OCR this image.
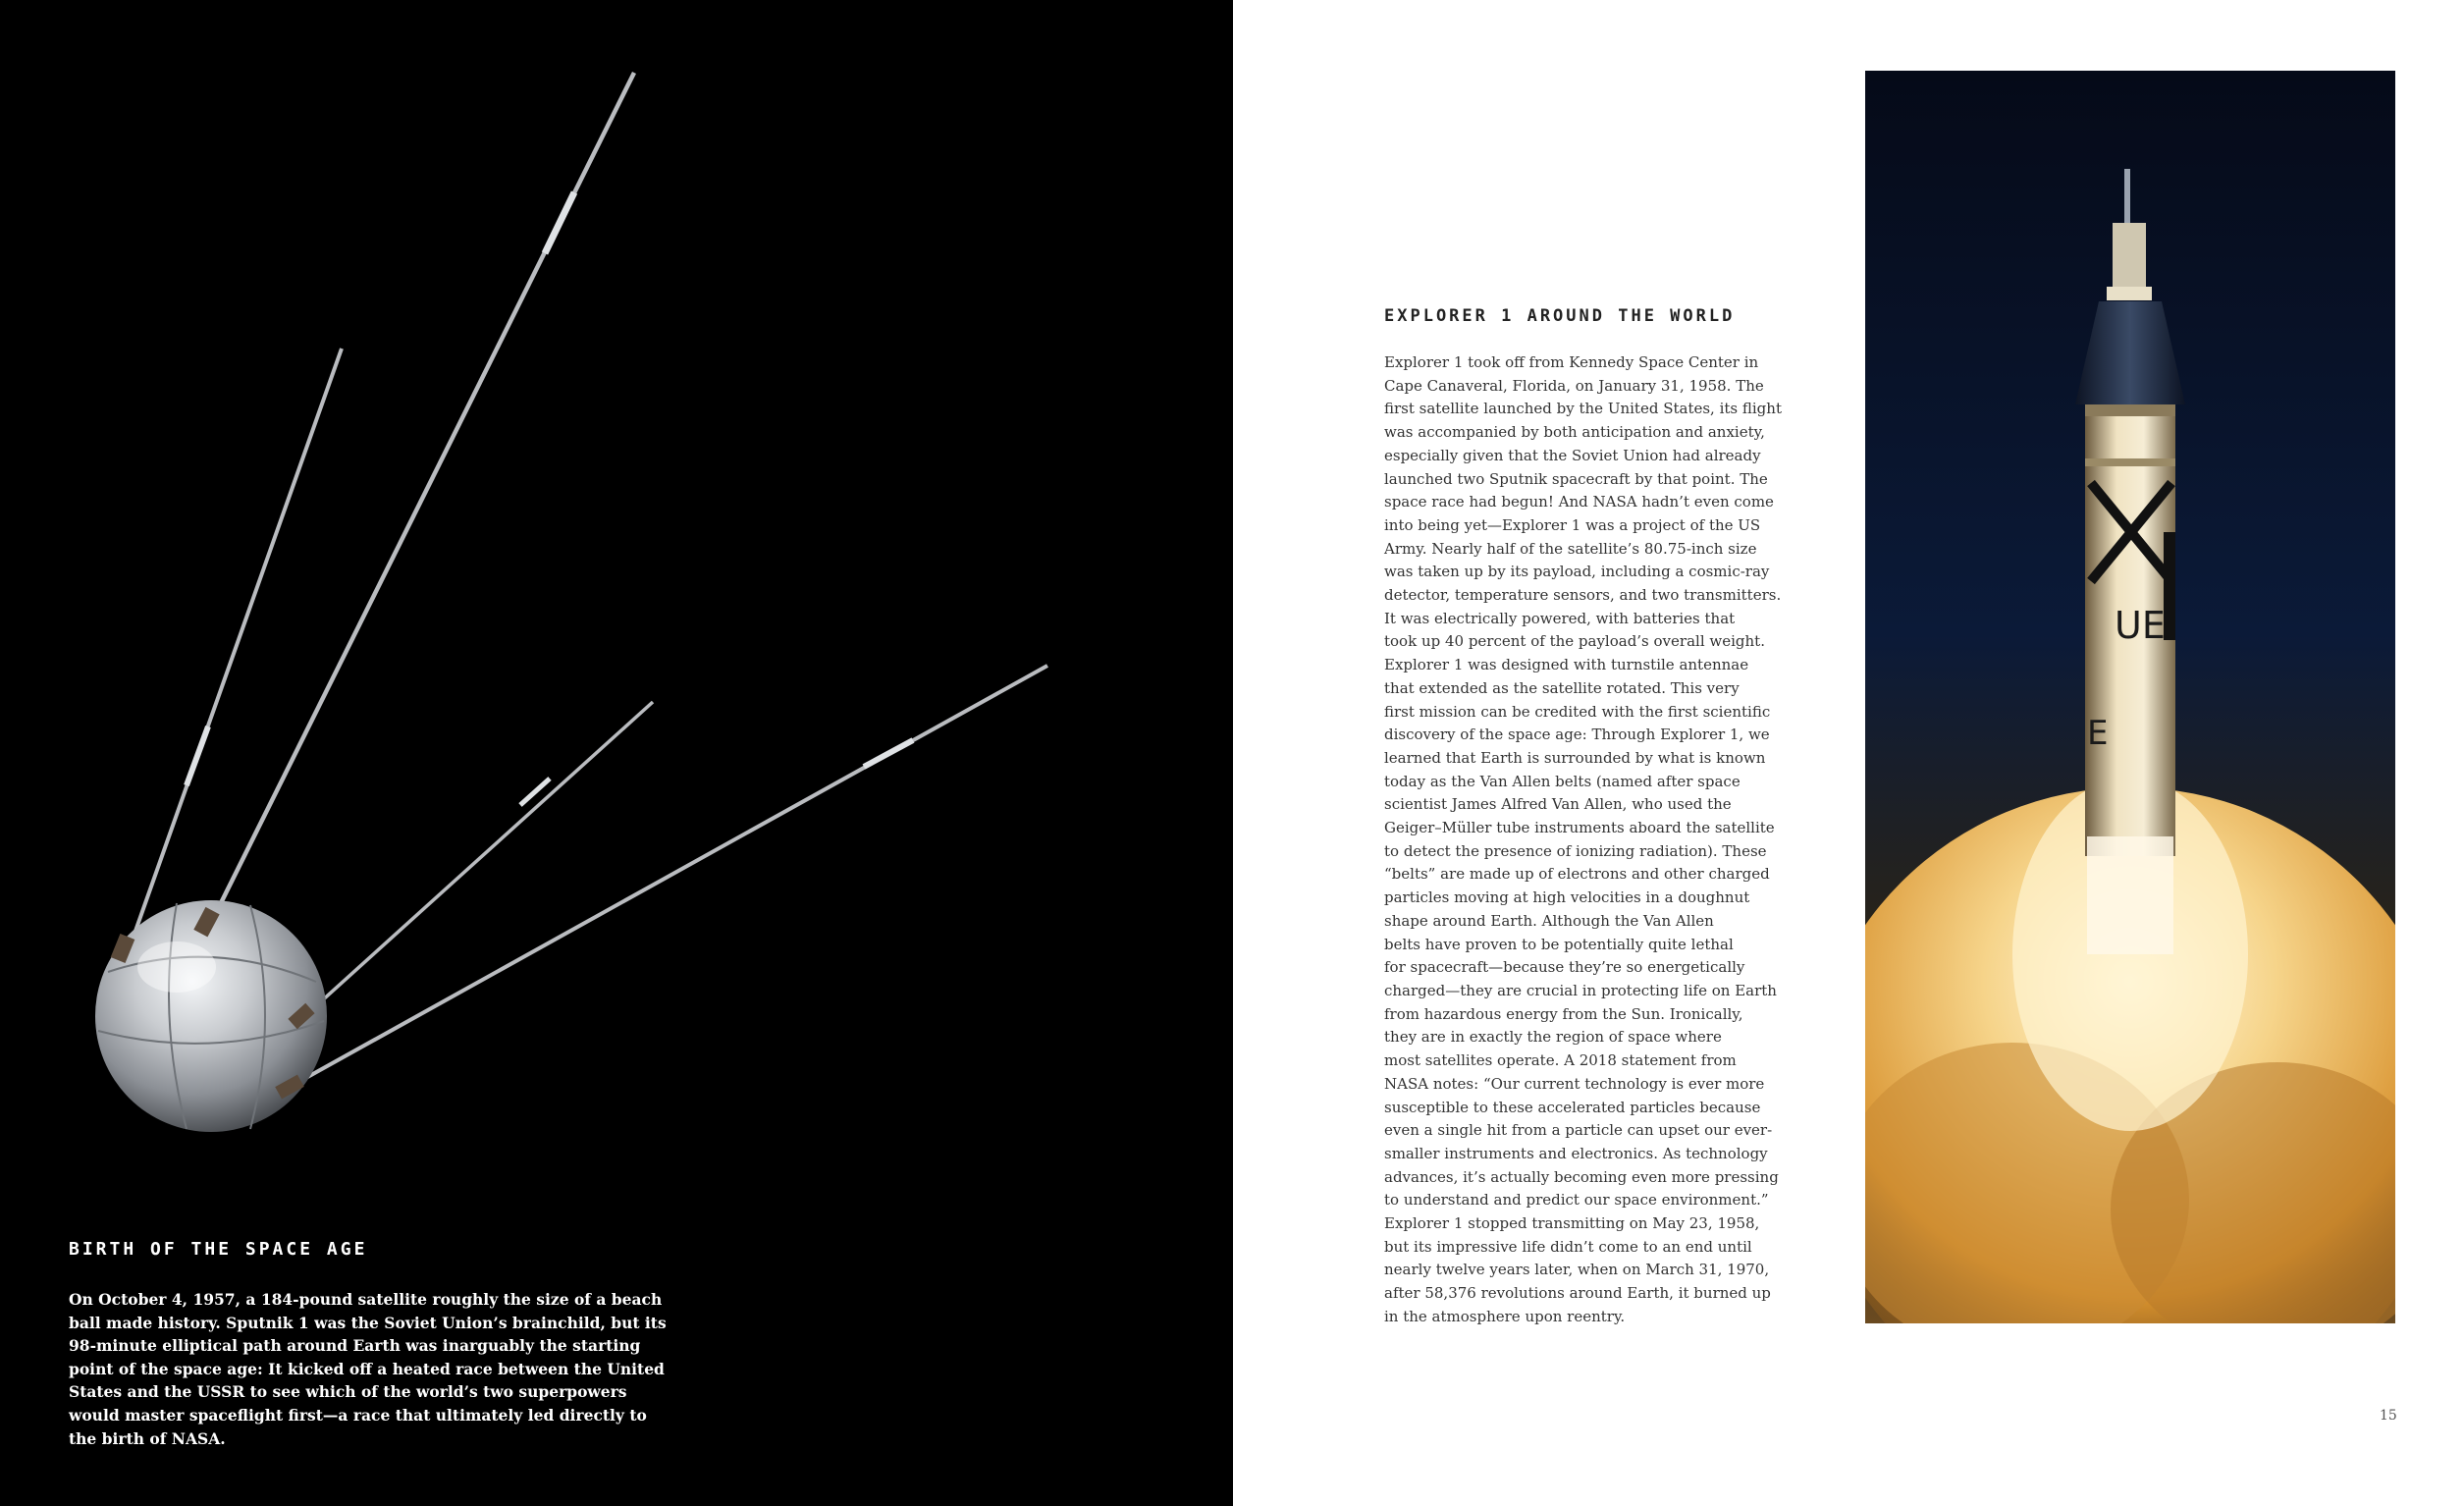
BIRTH OF THE SPACE AGE
On October 4, 1957, a 184-pound satellite roughly the size of a beach ball made history. Sputnik 1 was the Soviet Union’s brainchild, but its 98-minute elliptical path around Earth was inarguably the starting point of the space age: It kicked off a heated race between the United States and the USSR to see which of the world’s two superpowers would master spaceflight first—a race that ultimately led directly to the birth of NASA.
EXPLORER 1 AROUND THE WORLD
Explorer 1 took off from Kennedy Space Center in
Cape Canaveral, Florida, on January 31, 1958. The
first satellite launched by the United States, its flight
was accompanied by both anticipation and anxiety,
especially given that the Soviet Union had already
launched two Sputnik spacecraft by that point. The
space race had begun! And NASA hadn’t even come
into being yet—Explorer 1 was a project of the US
Army. Nearly half of the satellite’s 80.75-inch size
was taken up by its payload, including a cosmic-ray
detector, temperature sensors, and two transmitters.
It was electrically powered, with batteries that
took up 40 percent of the payload’s overall weight.
Explorer 1 was designed with turnstile antennae
that extended as the satellite rotated. This very
first mission can be credited with the first scientific
discovery of the space age: Through Explorer 1, we
learned that Earth is surrounded by what is known
today as the Van Allen belts (named after space
scientist James Alfred Van Allen, who used the
Geiger–Müller tube instruments aboard the satellite
to detect the presence of ionizing radiation). These
“belts” are made up of electrons and other charged
particles moving at high velocities in a doughnut
shape around Earth. Although the Van Allen
belts have proven to be potentially quite lethal
for spacecraft—because they’re so energetically
charged—they are crucial in protecting life on Earth
from hazardous energy from the Sun. Ironically,
they are in exactly the region of space where
most satellites operate. A 2018 statement from
NASA notes: “Our current technology is ever more
susceptible to these accelerated particles because
even a single hit from a particle can upset our ever-
smaller instruments and electronics. As technology
advances, it’s actually becoming even more pressing
to understand and predict our space environment.”
Explorer 1 stopped transmitting on May 23, 1958,
but its impressive life didn’t come to an end until
nearly twelve years later, when on March 31, 1970,
after 58,376 revolutions around Earth, it burned up
in the atmosphere upon reentry.
UE
E
15
